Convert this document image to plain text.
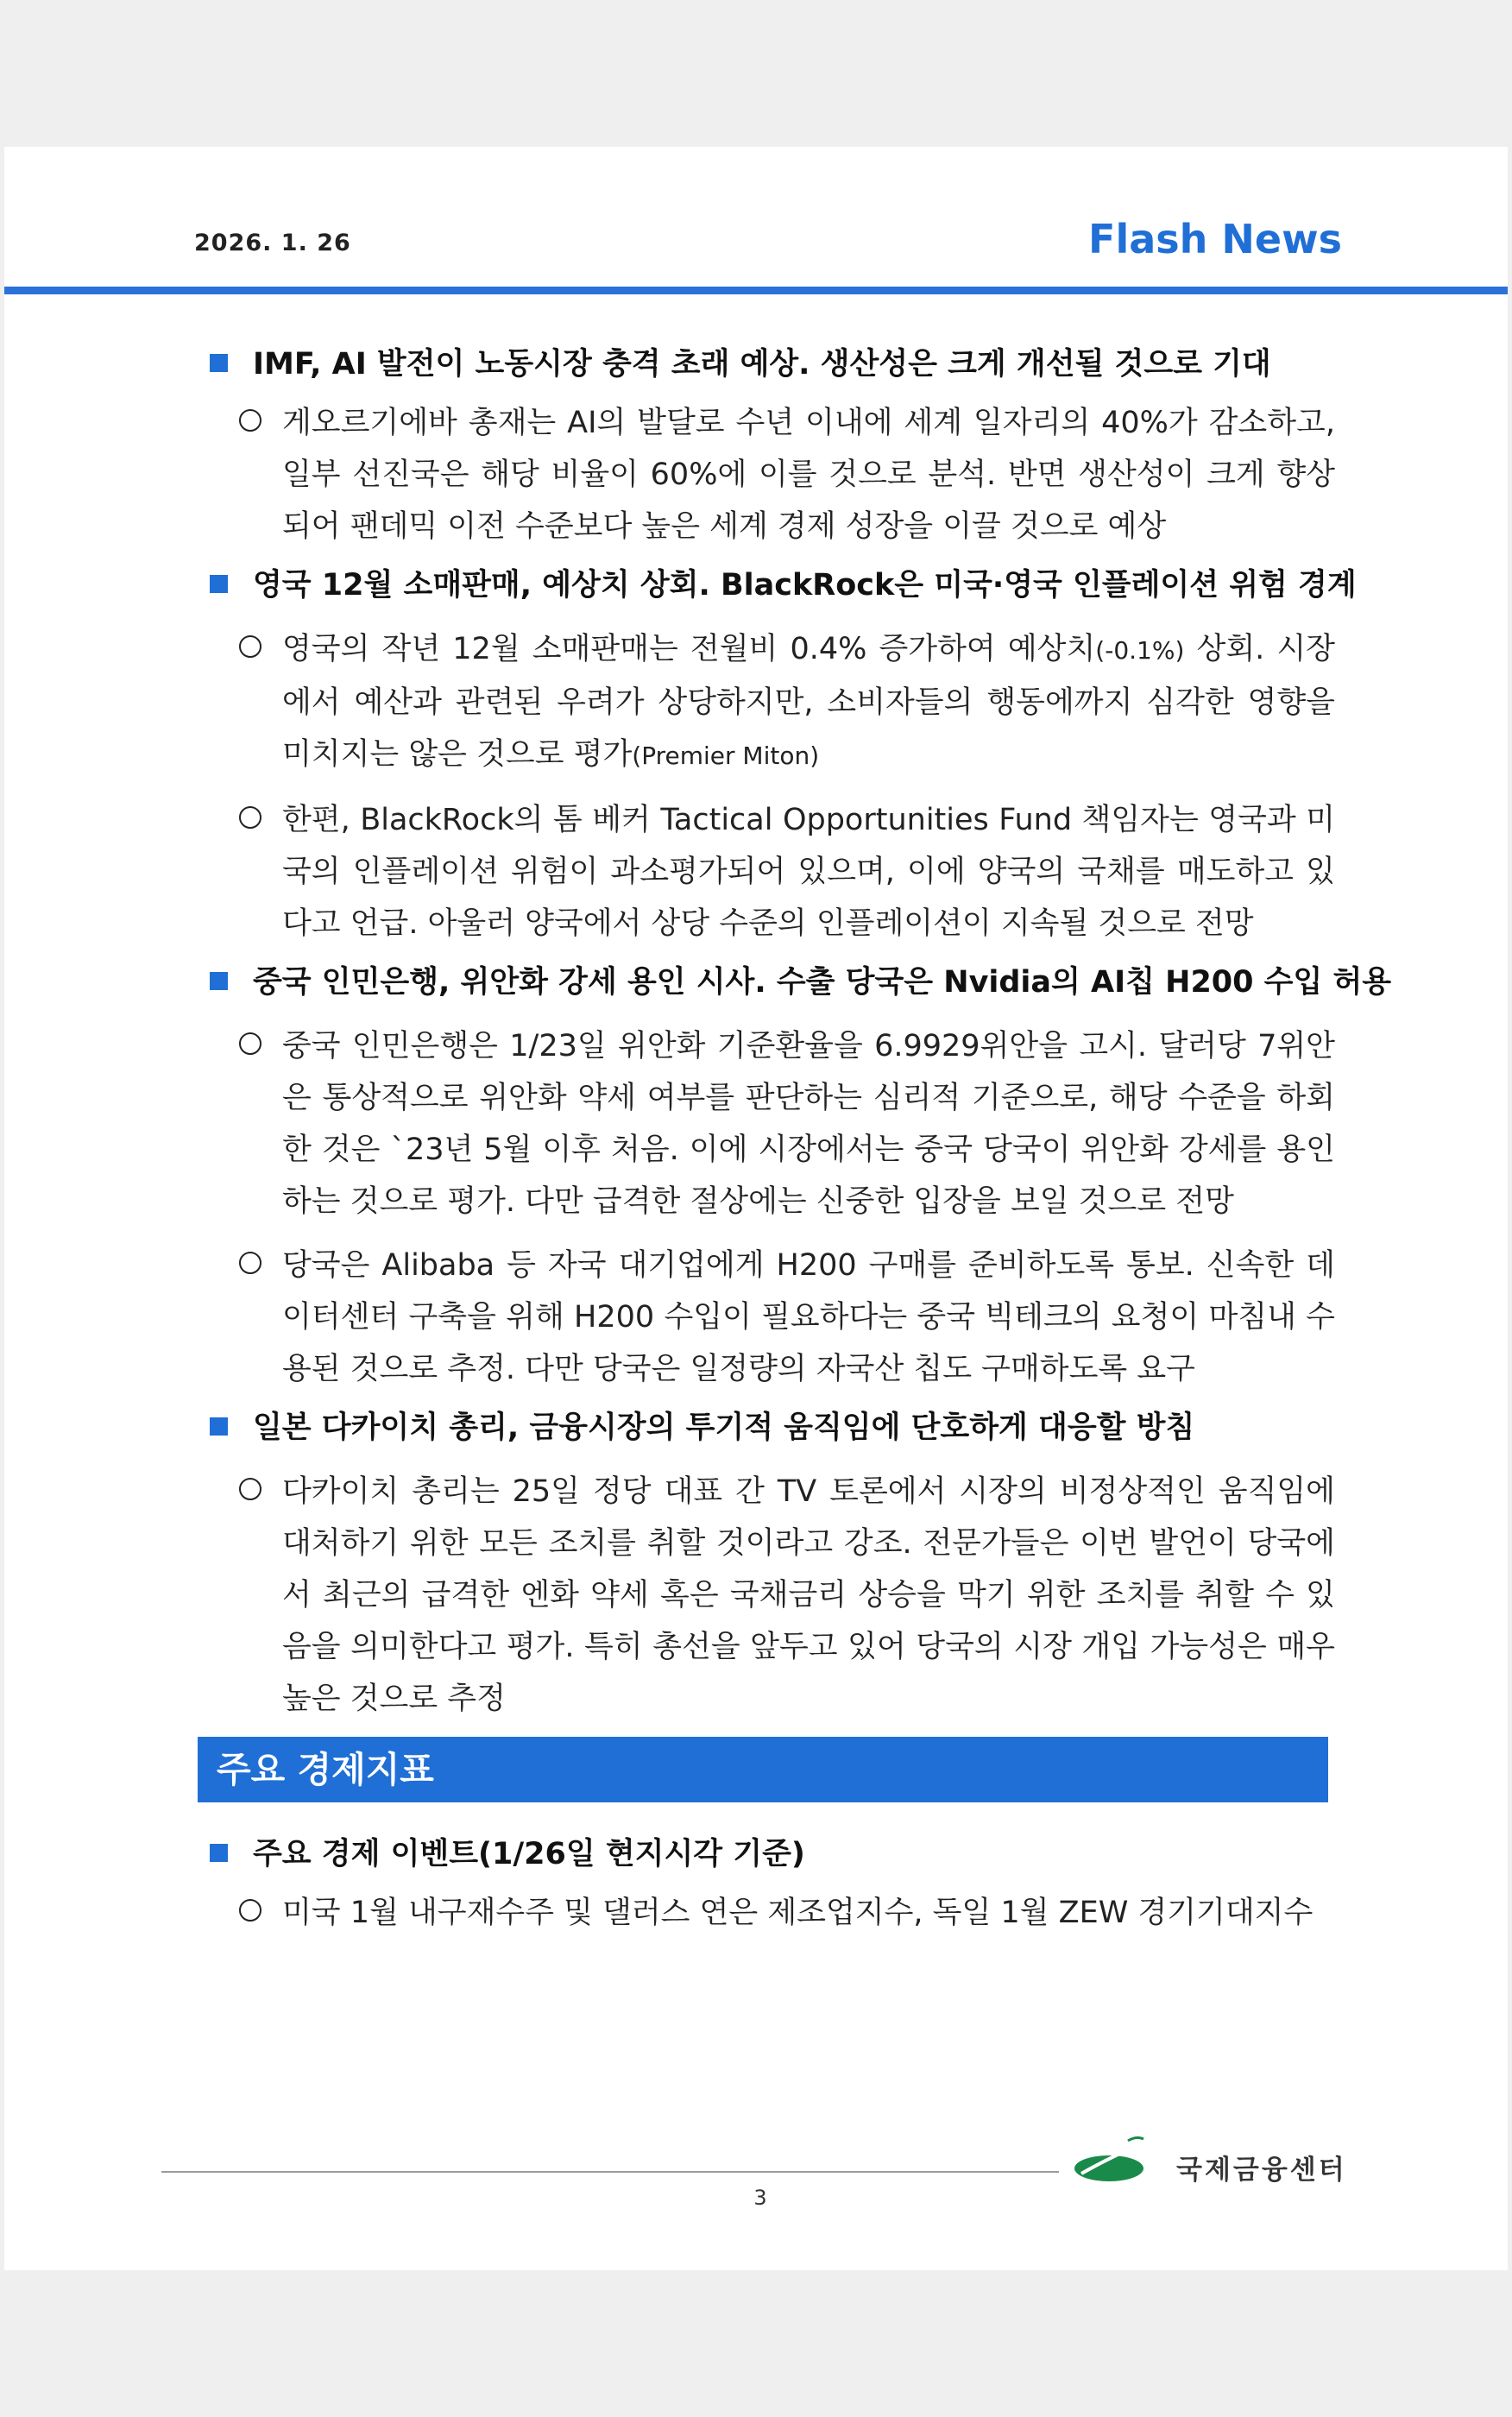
2026. 1. 26	Flash News
IMF, AI 발전이 노동시장 충격 초래 예상. 생산성은 크게 개선될 것으로 기대
게오르기에바 총재는 AI의 발달로 수년 이내에 세계 일자리의 40%가 감소하고, 일부 선진국은 해당 비율이 60%에 이를 것으로 분석. 반면 생산성이 크게 향상되어 팬데믹 이전 수준보다 높은 세계 경제 성장을 이끌 것으로 예상
영국 12월 소매판매, 예상치 상회. BlackRock은 미국·영국 인플레이션 위험 경계
영국의 작년 12월 소매판매는 전월비 0.4% 증가하여 예상치(-0.1%) 상회. 시장에서 예산과 관련된 우려가 상당하지만, 소비자들의 행동에까지 심각한 영향을 미치지는 않은 것으로 평가(Premier Miton)
한편, BlackRock의 톰 베커 Tactical Opportunities Fund 책임자는 영국과 미국의 인플레이션 위험이 과소평가되어 있으며, 이에 양국의 국채를 매도하고 있다고 언급. 아울러 양국에서 상당 수준의 인플레이션이 지속될 것으로 전망
중국 인민은행, 위안화 강세 용인 시사. 수출 당국은 Nvidia의 AI칩 H200 수입 허용
중국 인민은행은 1/23일 위안화 기준환율을 6.9929위안을 고시. 달러당 7위안은 통상적으로 위안화 약세 여부를 판단하는 심리적 기준으로, 해당 수준을 하회한 것은 `23년 5월 이후 처음. 이에 시장에서는 중국 당국이 위안화 강세를 용인하는 것으로 평가. 다만 급격한 절상에는 신중한 입장을 보일 것으로 전망
당국은 Alibaba 등 자국 대기업에게 H200 구매를 준비하도록 통보. 신속한 데이터센터 구축을 위해 H200 수입이 필요하다는 중국 빅테크의 요청이 마침내 수용된 것으로 추정. 다만 당국은 일정량의 자국산 칩도 구매하도록 요구
일본 다카이치 총리, 금융시장의 투기적 움직임에 단호하게 대응할 방침
다카이치 총리는 25일 정당 대표 간 TV 토론에서 시장의 비정상적인 움직임에 대처하기 위한 모든 조치를 취할 것이라고 강조. 전문가들은 이번 발언이 당국에서 최근의 급격한 엔화 약세 혹은 국채금리 상승을 막기 위한 조치를 취할 수 있음을 의미한다고 평가. 특히 총선을 앞두고 있어 당국의 시장 개입 가능성은 매우 높은 것으로 추정
주요 경제지표
주요 경제 이벤트(1/26일 현지시각 기준)
미국 1월 내구재수주 및 댈러스 연은 제조업지수, 독일 1월 ZEW 경기기대지수
국제금융센터
3
